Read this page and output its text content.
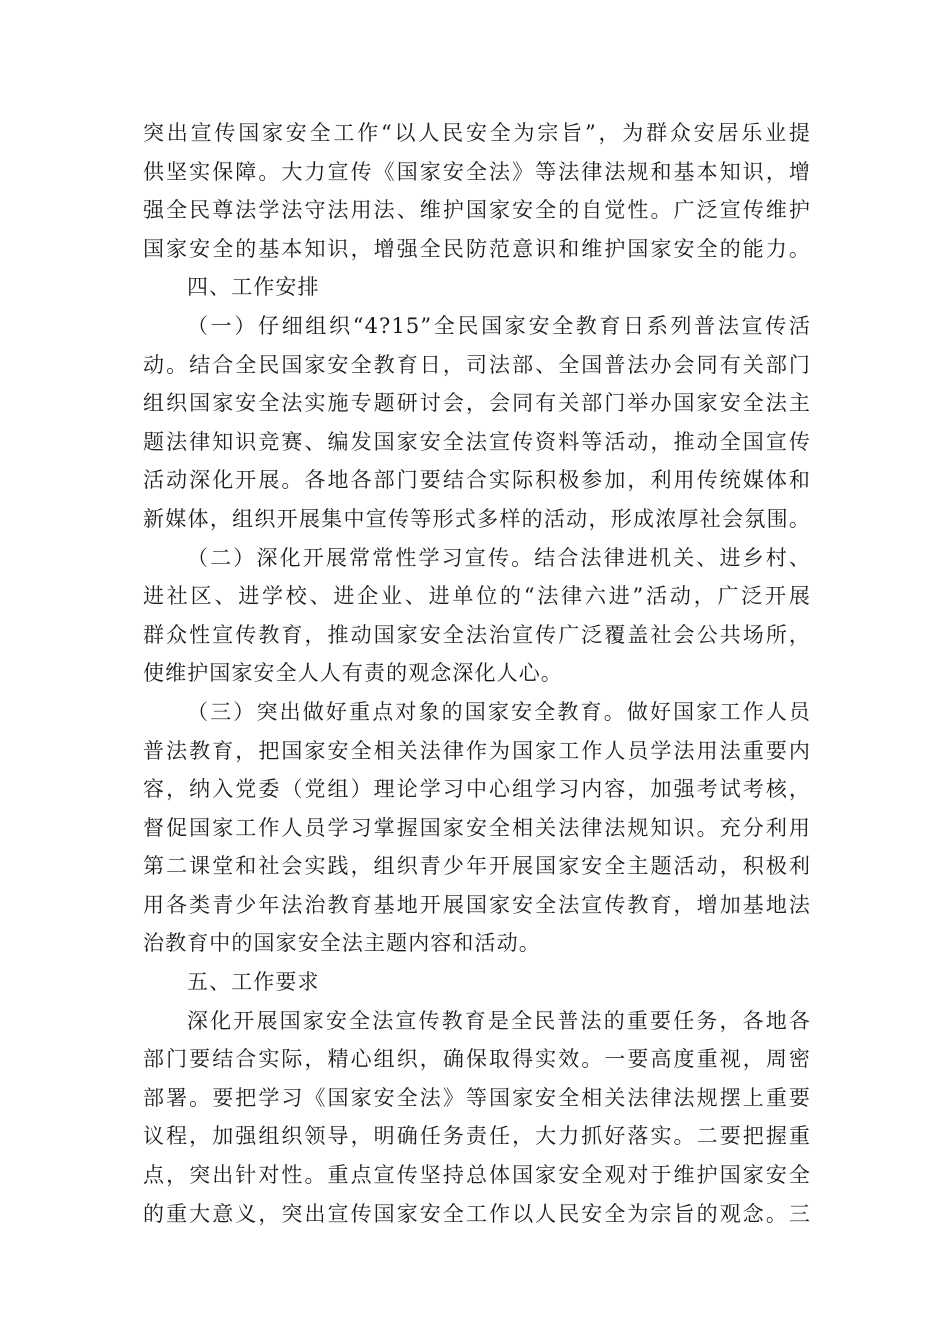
突出宣传国家安全工作“以人民安全为宗旨”，为群众安居乐业提
供坚实保障。大力宣传《国家安全法》等法律法规和基本知识，增
强全民尊法学法守法用法、维护国家安全的自觉性。广泛宣传维护
国家安全的基本知识，增强全民防范意识和维护国家安全的能力。
四、工作安排
（一）仔细组织“4?15”全民国家安全教育日系列普法宣传活
动。结合全民国家安全教育日，司法部、全国普法办会同有关部门
组织国家安全法实施专题研讨会，会同有关部门举办国家安全法主
题法律知识竞赛、编发国家安全法宣传资料等活动，推动全国宣传
活动深化开展。各地各部门要结合实际积极参加，利用传统媒体和
新媒体，组织开展集中宣传等形式多样的活动，形成浓厚社会氛围。
（二）深化开展常常性学习宣传。结合法律进机关、进乡村、
进社区、进学校、进企业、进单位的“法律六进”活动，广泛开展
群众性宣传教育，推动国家安全法治宣传广泛覆盖社会公共场所，
使维护国家安全人人有责的观念深化人心。
（三）突出做好重点对象的国家安全教育。做好国家工作人员
普法教育，把国家安全相关法律作为国家工作人员学法用法重要内
容，纳入党委（党组）理论学习中心组学习内容，加强考试考核，
督促国家工作人员学习掌握国家安全相关法律法规知识。充分利用
第二课堂和社会实践，组织青少年开展国家安全主题活动，积极利
用各类青少年法治教育基地开展国家安全法宣传教育，增加基地法
治教育中的国家安全法主题内容和活动。
五、工作要求
深化开展国家安全法宣传教育是全民普法的重要任务，各地各
部门要结合实际，精心组织，确保取得实效。一要高度重视，周密
部署。要把学习《国家安全法》等国家安全相关法律法规摆上重要
议程，加强组织领导，明确任务责任，大力抓好落实。二要把握重
点，突出针对性。重点宣传坚持总体国家安全观对于维护国家安全
的重大意义，突出宣传国家安全工作以人民安全为宗旨的观念。三
